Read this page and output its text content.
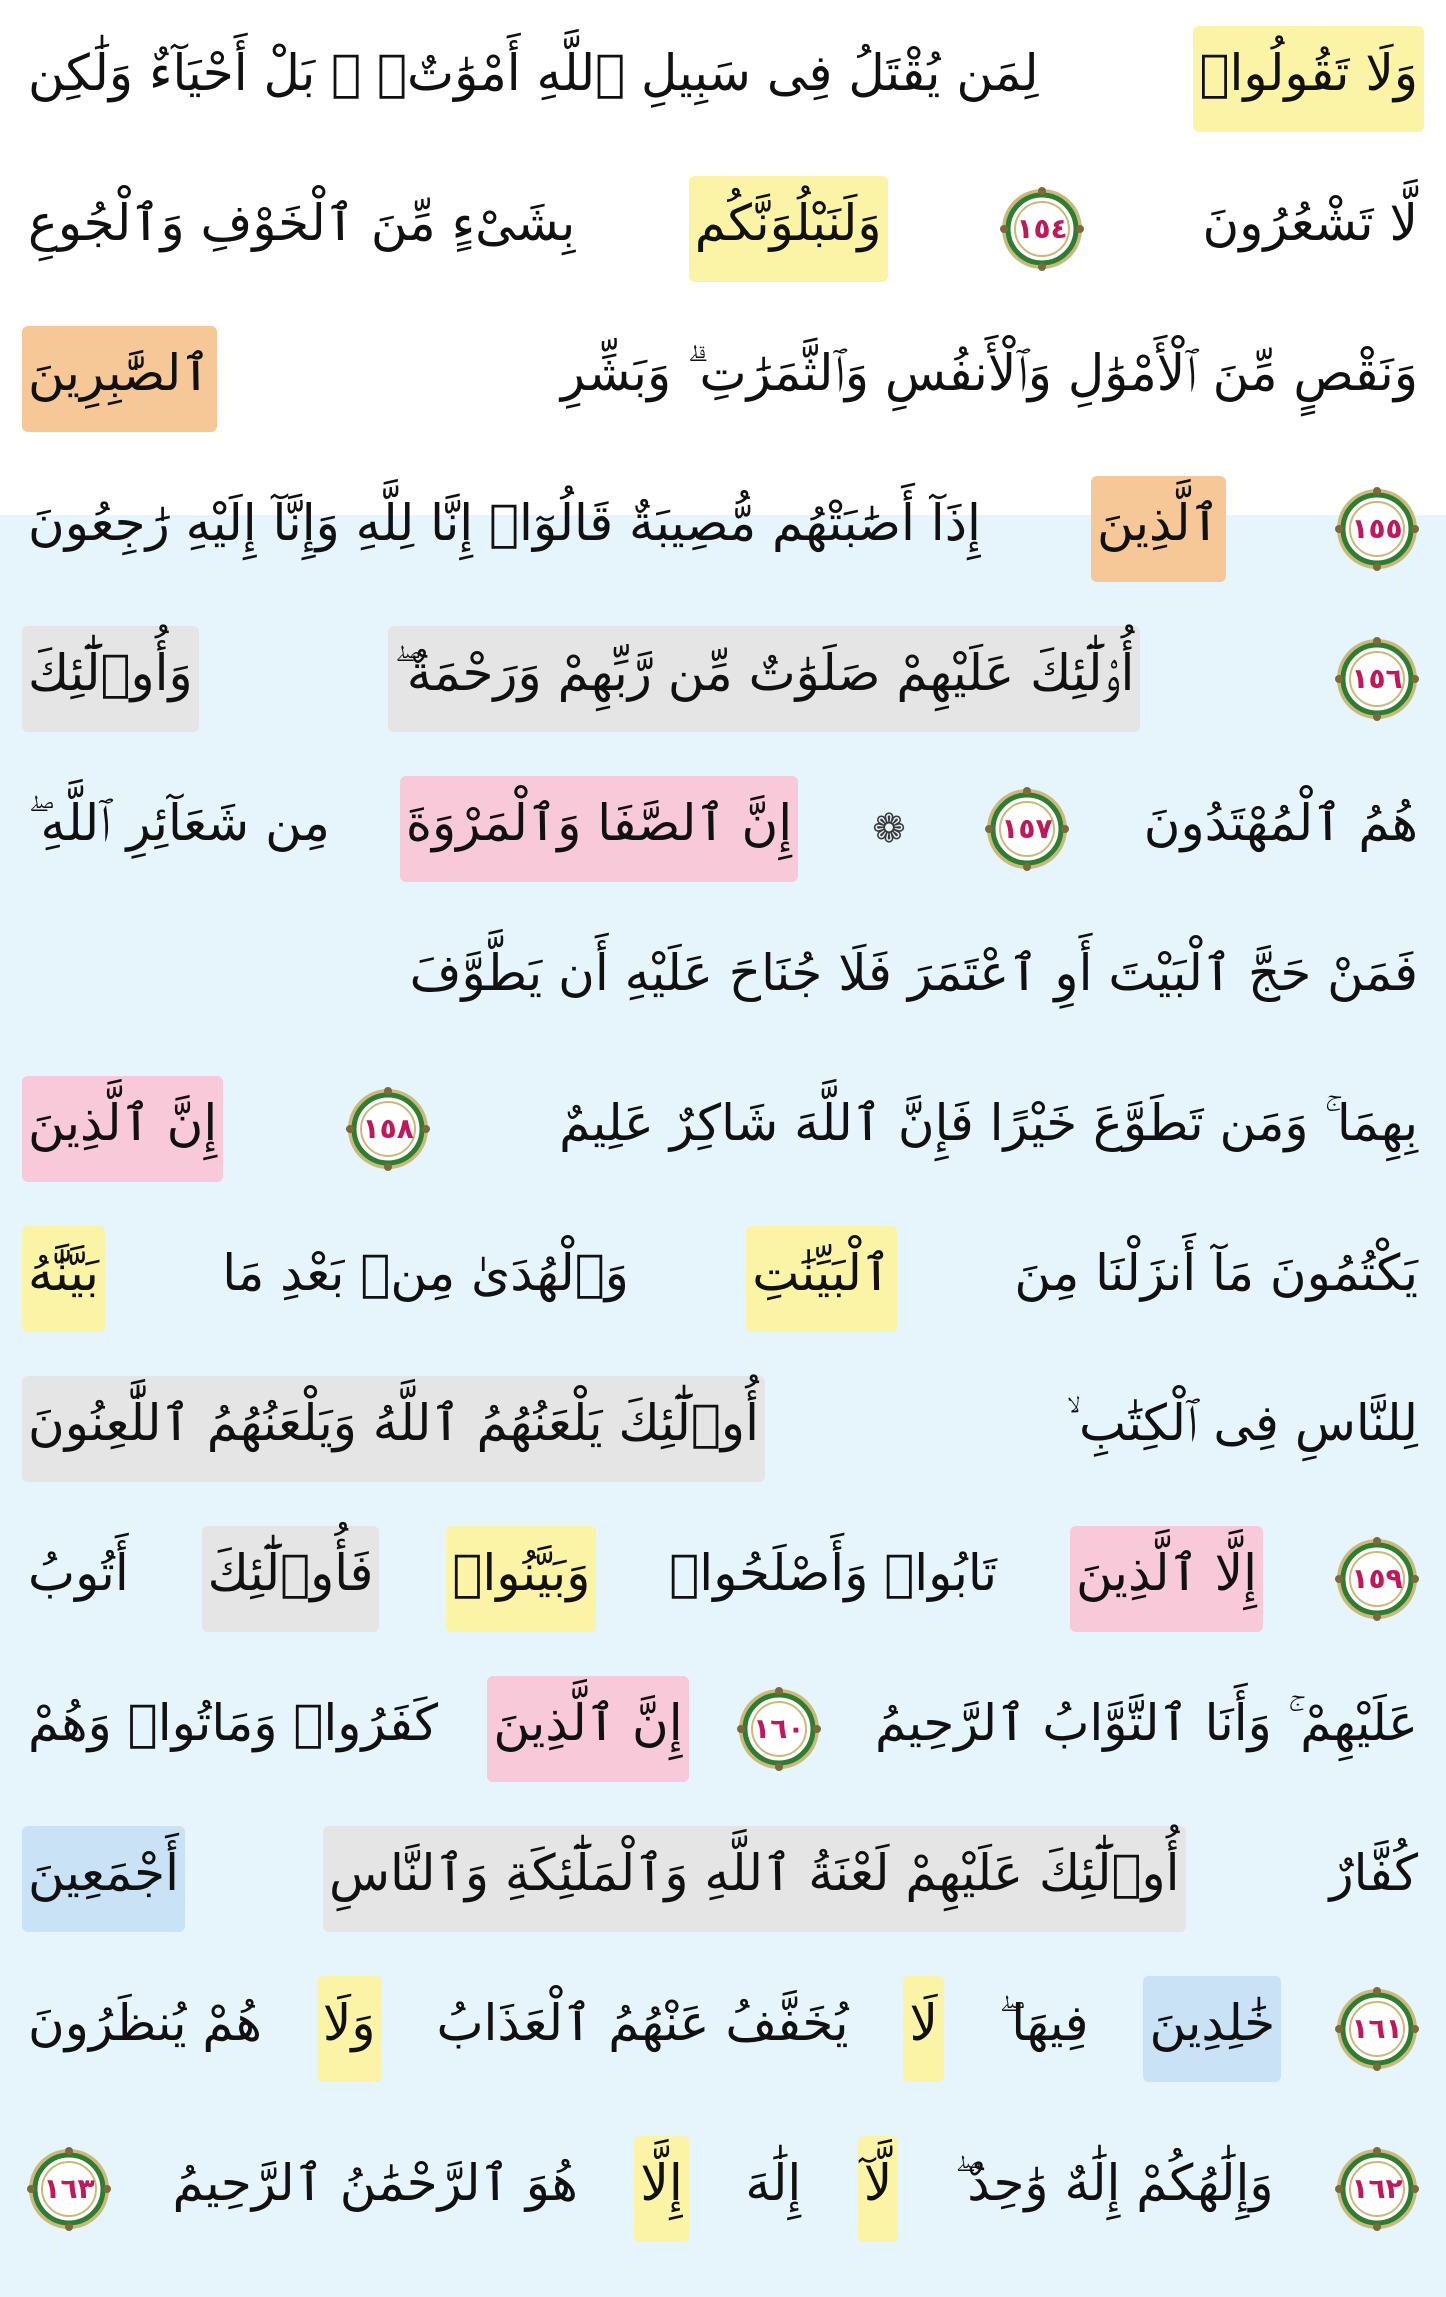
وَلَا تَقُولُوا۟
لِمَن يُقْتَلُ فِى سَبِيلِ ٱللَّهِ أَمْوَٰتٌۢ ۚ بَلْ أَحْيَآءٌ وَلَٰكِن
لَّا تَشْعُرُونَ
١٥٤
وَلَنَبْلُوَنَّكُم
بِشَىْءٍ مِّنَ ٱلْخَوْفِ وَٱلْجُوعِ
وَنَقْصٍ مِّنَ ٱلْأَمْوَٰلِ وَٱلْأَنفُسِ وَٱلثَّمَرَٰتِ ۗ وَبَشِّرِ
ٱلصَّٰبِرِينَ
١٥٥
ٱلَّذِينَ
إِذَآ أَصَٰبَتْهُم مُّصِيبَةٌ قَالُوٓا۟ إِنَّا لِلَّهِ وَإِنَّآ إِلَيْهِ رَٰجِعُونَ
١٥٦
أُو۟لَٰٓئِكَ عَلَيْهِمْ صَلَوَٰتٌ مِّن رَّبِّهِمْ وَرَحْمَةٌ ۖ
وَأُو۟لَٰٓئِكَ
هُمُ ٱلْمُهْتَدُونَ
١٥٧
❁
إِنَّ ٱلصَّفَا وَٱلْمَرْوَةَ
مِن شَعَآئِرِ ٱللَّهِ ۖ
فَمَنْ حَجَّ ٱلْبَيْتَ أَوِ ٱعْتَمَرَ فَلَا جُنَاحَ عَلَيْهِ أَن يَطَّوَّفَ
بِهِمَا ۚ وَمَن تَطَوَّعَ خَيْرًا فَإِنَّ ٱللَّهَ شَاكِرٌ عَلِيمٌ
١٥٨
إِنَّ ٱلَّذِينَ
يَكْتُمُونَ مَآ أَنزَلْنَا مِنَ
ٱلْبَيِّنَٰتِ
وَٱلْهُدَىٰ مِنۢ بَعْدِ مَا
بَيَّنَّٰهُ
لِلنَّاسِ فِى ٱلْكِتَٰبِ ۙ
أُو۟لَٰٓئِكَ يَلْعَنُهُمُ ٱللَّهُ وَيَلْعَنُهُمُ ٱللَّٰعِنُونَ
١٥٩
إِلَّا ٱلَّذِينَ
تَابُوا۟ وَأَصْلَحُوا۟
وَبَيَّنُوا۟
فَأُو۟لَٰٓئِكَ
أَتُوبُ
عَلَيْهِمْ ۚ وَأَنَا ٱلتَّوَّابُ ٱلرَّحِيمُ
١٦٠
إِنَّ ٱلَّذِينَ
كَفَرُوا۟ وَمَاتُوا۟ وَهُمْ
كُفَّارٌ
أُو۟لَٰٓئِكَ عَلَيْهِمْ لَعْنَةُ ٱللَّهِ وَٱلْمَلَٰٓئِكَةِ وَٱلنَّاسِ
أَجْمَعِينَ
١٦١
خَٰلِدِينَ
فِيهَا ۖ
لَا
يُخَفَّفُ عَنْهُمُ ٱلْعَذَابُ
وَلَا
هُمْ يُنظَرُونَ
١٦٢
وَإِلَٰهُكُمْ إِلَٰهٌ وَٰحِدٌ ۖ
لَّآ
إِلَٰهَ
إِلَّا
هُوَ ٱلرَّحْمَٰنُ ٱلرَّحِيمُ
١٦٣
